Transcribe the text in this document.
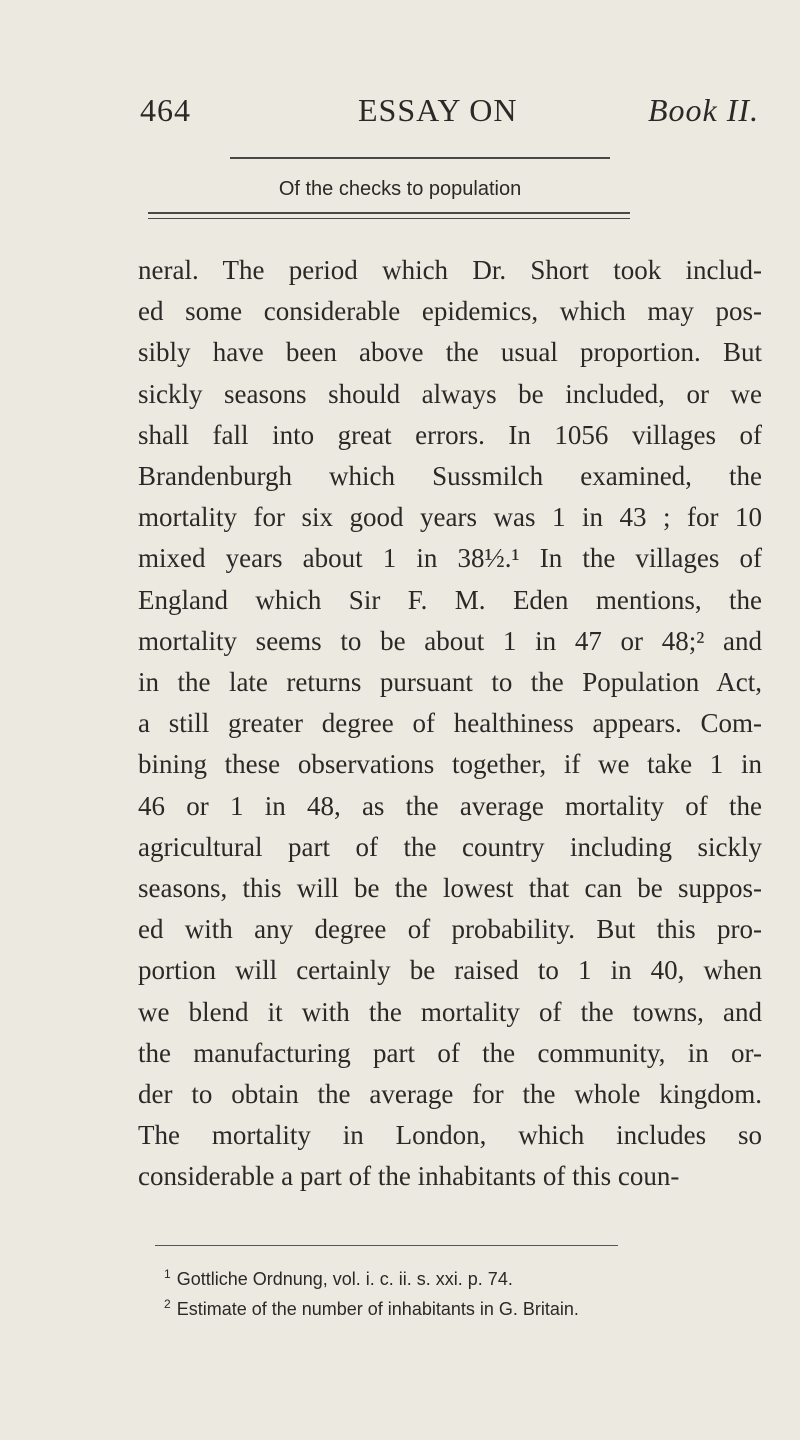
464	ESSAY ON	Book II.
Of the checks to population
neral. The period which Dr. Short took includ-
ed some considerable epidemics, which may pos-
sibly have been above the usual proportion. But
sickly seasons should always be included, or we
shall fall into great errors. In 1056 villages of
Brandenburgh which Sussmilch examined, the
mortality for six good years was 1 in 43 ; for 10
mixed years about 1 in 38½.¹ In the villages of
England which Sir F. M. Eden mentions, the
mortality seems to be about 1 in 47 or 48;² and
in the late returns pursuant to the Population Act,
a still greater degree of healthiness appears. Com-
bining these observations together, if we take 1 in
46 or 1 in 48, as the average mortality of the
agricultural part of the country including sickly
seasons, this will be the lowest that can be suppos-
ed with any degree of probability. But this pro-
portion will certainly be raised to 1 in 40, when
we blend it with the mortality of the towns, and
the manufacturing part of the community, in or-
der to obtain the average for the whole kingdom.
The mortality in London, which includes so
considerable a part of the inhabitants of this coun-
$^1$ Gottliche Ordnung, vol. i. c. ii. s. xxi. p. 74.
$^2$ Estimate of the number of inhabitants in G. Britain.
